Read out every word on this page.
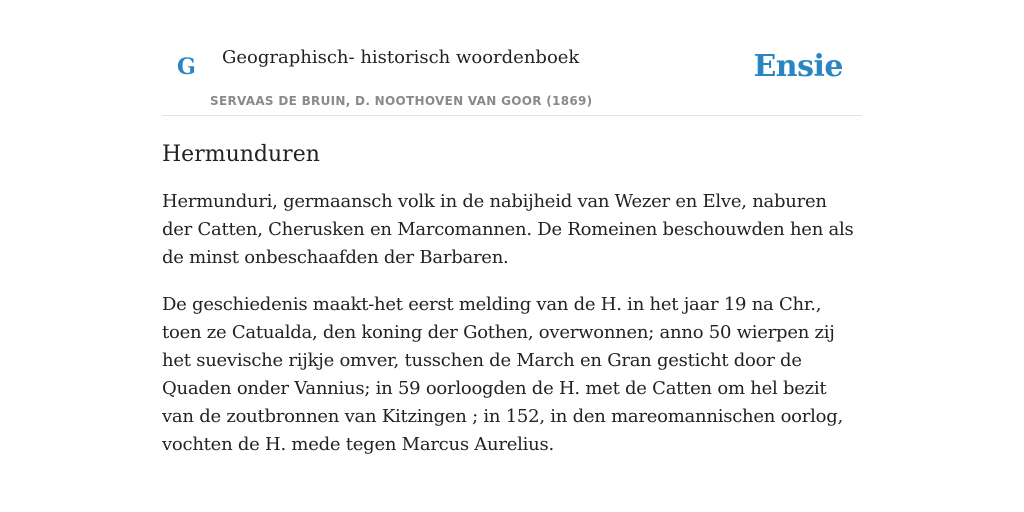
G Geographisch- historisch woordenboek
SERVAAS DE BRUIN, D. NOOTHOVEN VAN GOOR (1869)
Ensie
Hermunduren

Hermunduri, germaansch volk in de nabijheid van Wezer en Elve, naburen der Catten, Cherusken en Marcomannen. De Romeinen beschouwden hen als de minst onbeschaafden der Barbaren.

De geschiedenis maakt-het eerst melding van de H. in het jaar 19 na Chr., toen ze Catualda, den koning der Gothen, overwonnen; anno 50 wierpen zij het suevische rijkje omver, tusschen de March en Gran gesticht door de Quaden onder Vannius; in 59 oorloogden de H. met de Catten om hel bezit van de zoutbronnen van Kitzingen ; in 152, in den mareomannischen oorlog, vochten de H. mede tegen Marcus Aurelius.
